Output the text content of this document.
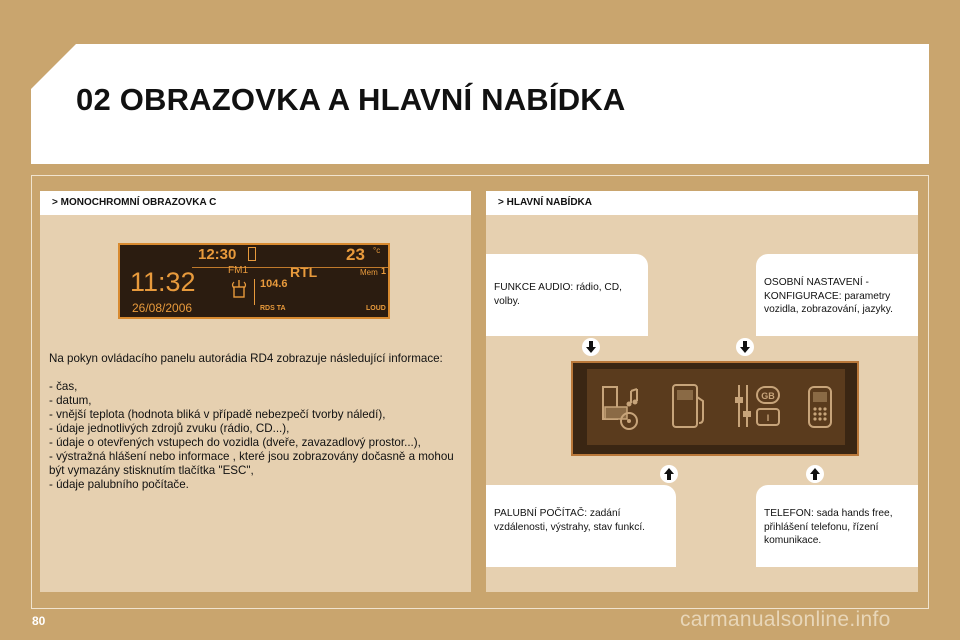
02 OBRAZOVKA A HLAVNÍ NABÍDKA
> MONOCHROMNÍ OBRAZOVKA C
12:30	23 °c
FM1	RTL	Mem 1
11:32	104.6
26/08/2006	RDS TA	LOUD

Na pokyn ovládacího panelu autorádia RD4 zobrazuje následující informace:

- čas,
- datum,
- vnější teplota (hodnota bliká v případě nebezpečí tvorby náledí),
- údaje jednotlivých zdrojů zvuku (rádio, CD...),
- údaje o otevřených vstupech do vozidla (dveře, zavazadlový prostor...),
- výstražná hlášení nebo informace , které jsou zobrazovány dočasně a mohou být vymazány stisknutím tlačítka "ESC",
- údaje palubního počítače.
> HLAVNÍ NABÍDKA
FUNKCE AUDIO: rádio, CD, volby.
OSOBNÍ NASTAVENÍ - KONFIGURACE: parametry vozidla, zobrazování, jazyky.
PALUBNÍ POČÍTAČ: zadání vzdálenosti, výstrahy, stav funkcí.
TELEFON: sada hands free, přihlášení telefonu, řízení komunikace.
GB
I
80	carmanualsonline.info
